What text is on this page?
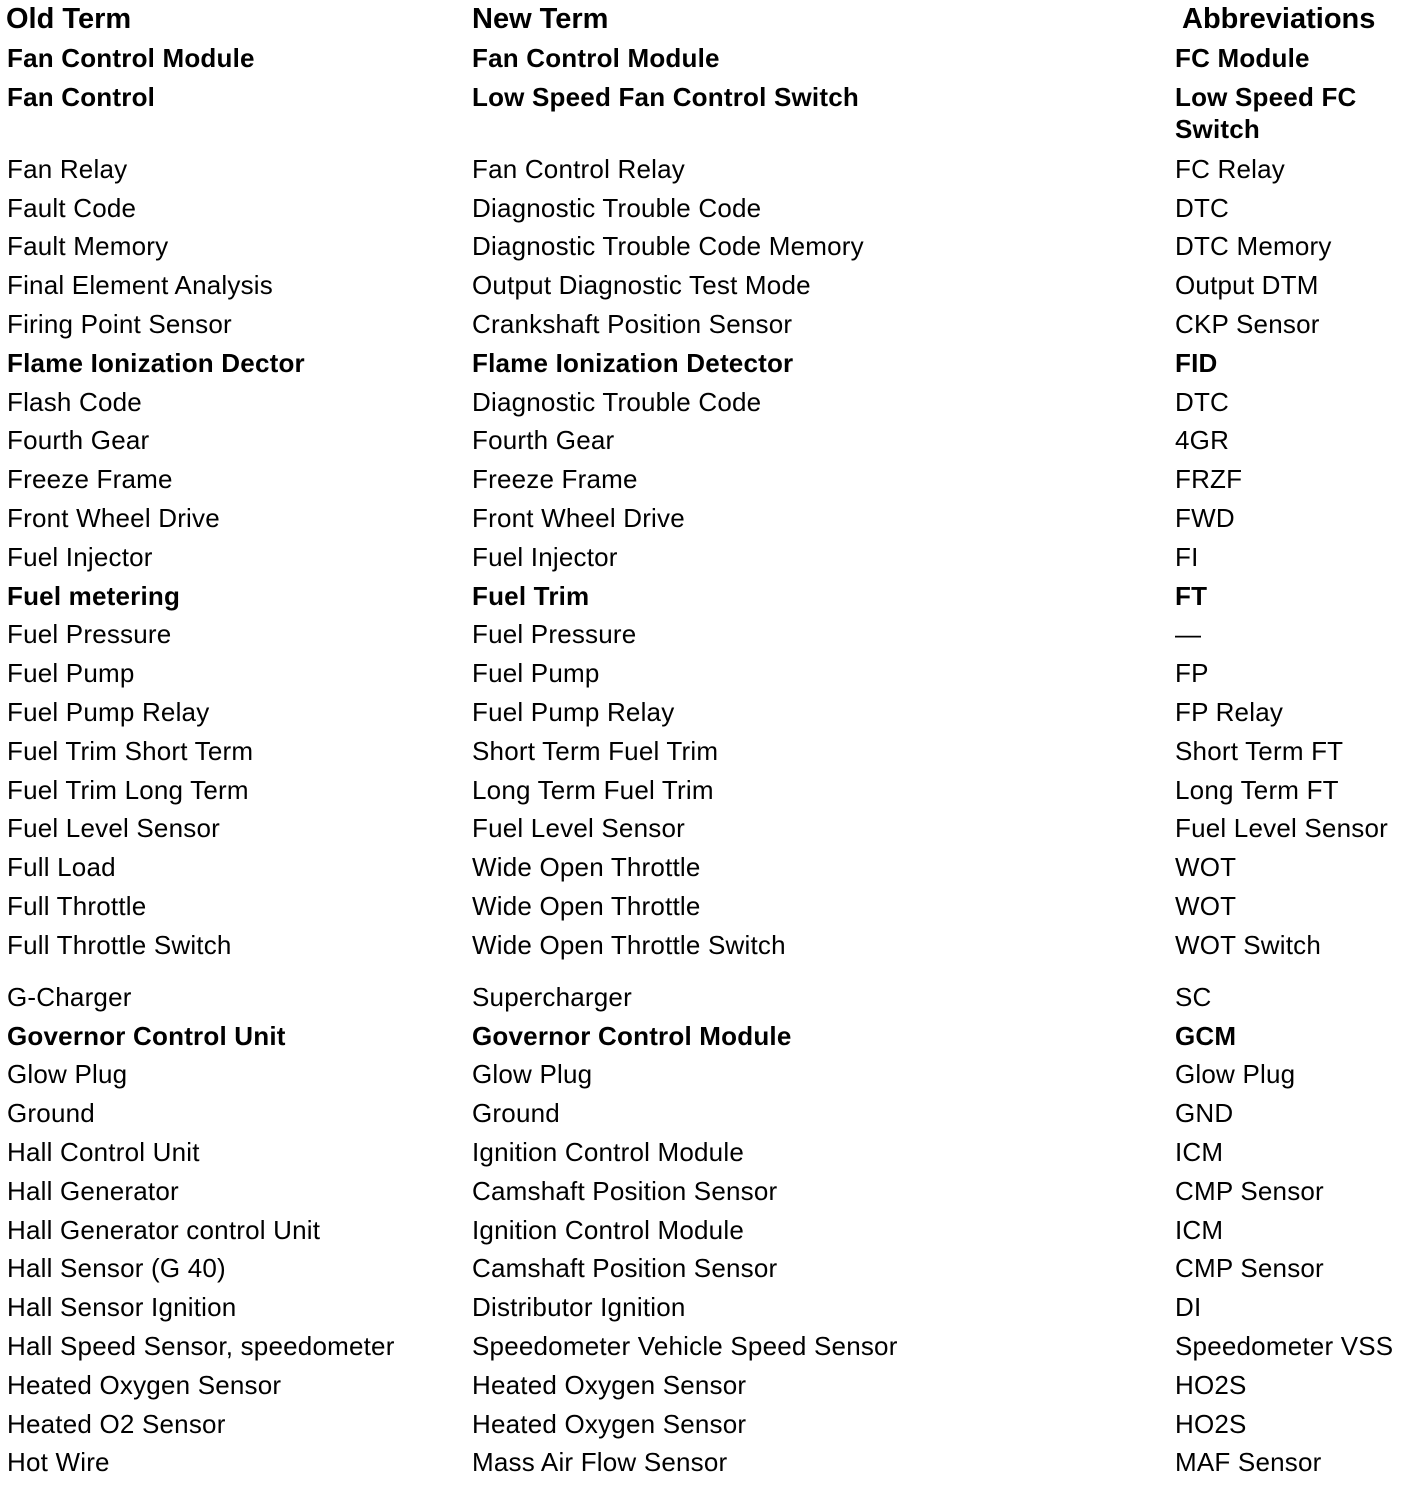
Old Term	New Term	Abbreviations
Fan Control Module	Fan Control Module	FC Module
Fan Control	Low Speed Fan Control Switch	Low Speed FC Switch
Fan Relay	Fan Control Relay	FC Relay
Fault Code	Diagnostic Trouble Code	DTC
Fault Memory	Diagnostic Trouble Code Memory	DTC Memory
Final Element Analysis	Output Diagnostic Test Mode	Output DTM
Firing Point Sensor	Crankshaft Position Sensor	CKP Sensor
Flame Ionization Dector	Flame Ionization Detector	FID
Flash Code	Diagnostic Trouble Code	DTC
Fourth Gear	Fourth Gear	4GR
Freeze Frame	Freeze Frame	FRZF
Front Wheel Drive	Front Wheel Drive	FWD
Fuel Injector	Fuel Injector	FI
Fuel metering	Fuel Trim	FT
Fuel Pressure	Fuel Pressure	—
Fuel Pump	Fuel Pump	FP
Fuel Pump Relay	Fuel Pump Relay	FP Relay
Fuel Trim Short Term	Short Term Fuel Trim	Short Term FT
Fuel Trim Long Term	Long Term Fuel Trim	Long Term FT
Fuel Level Sensor	Fuel Level Sensor	Fuel Level Sensor
Full Load	Wide Open Throttle	WOT
Full Throttle	Wide Open Throttle	WOT
Full Throttle Switch	Wide Open Throttle Switch	WOT Switch
G-Charger	Supercharger	SC
Governor Control Unit	Governor Control Module	GCM
Glow Plug	Glow Plug	Glow Plug
Ground	Ground	GND
Hall Control Unit	Ignition Control Module	ICM
Hall Generator	Camshaft Position Sensor	CMP Sensor
Hall Generator control Unit	Ignition Control Module	ICM
Hall Sensor (G 40)	Camshaft Position Sensor	CMP Sensor
Hall Sensor Ignition	Distributor Ignition	DI
Hall Speed Sensor, speedometer	Speedometer Vehicle Speed Sensor	Speedometer VSS
Heated Oxygen Sensor	Heated Oxygen Sensor	HO2S
Heated O2 Sensor	Heated Oxygen Sensor	HO2S
Hot Wire	Mass Air Flow Sensor	MAF Sensor
